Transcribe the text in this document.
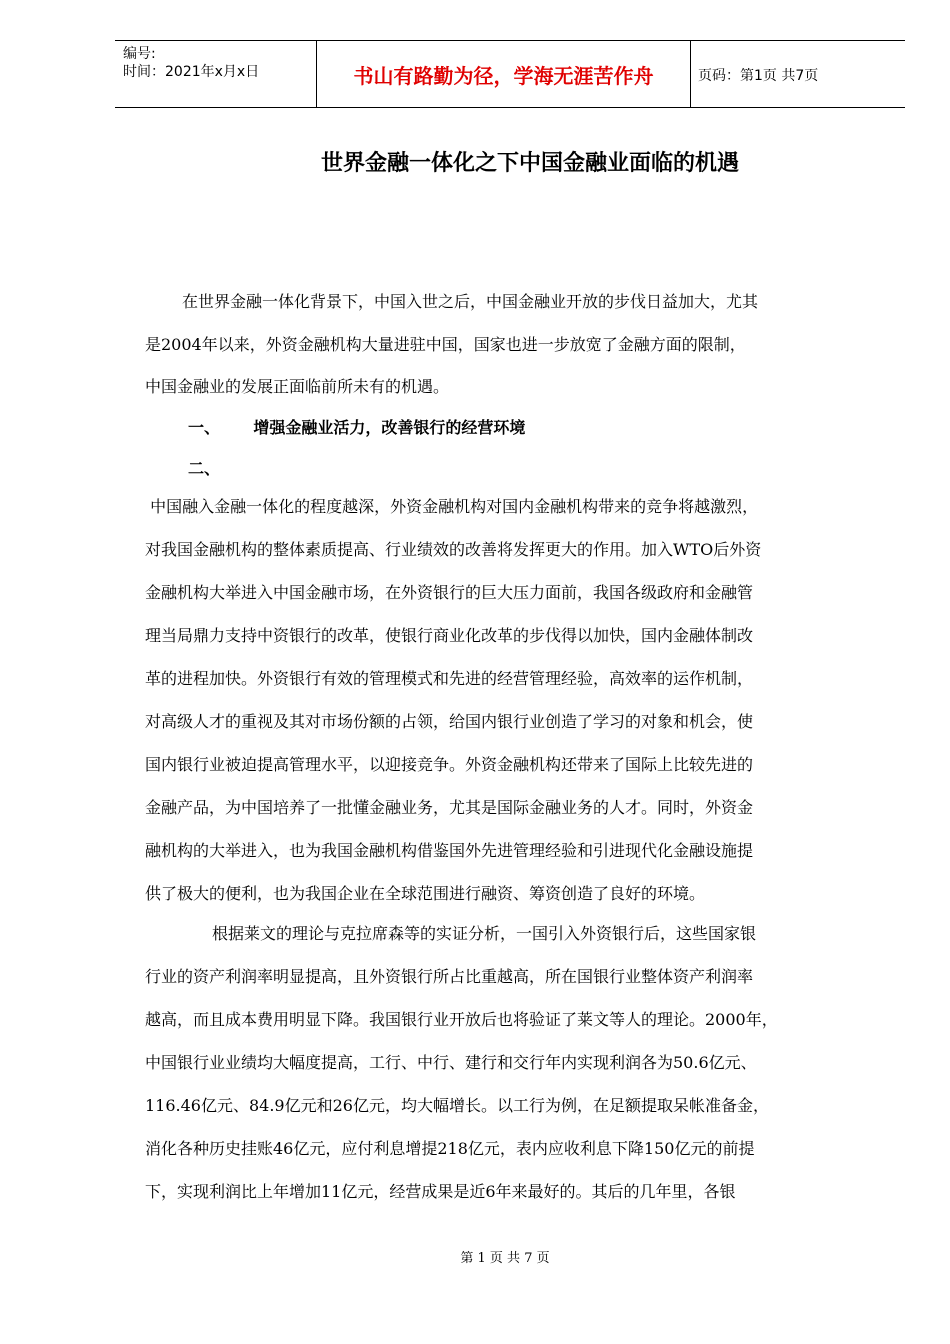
编号:
时间：2021年x月x日	书山有路勤为径，学海无涯苦作舟	页码：第1页 共7页
世界金融一体化之下中国金融业面临的机遇
在世界金融一体化背景下，中国入世之后，中国金融业开放的步伐日益加大，尤其
是2004年以来，外资金融机构大量进驻中国，国家也进一步放宽了金融方面的限制，
中国金融业的发展正面临前所未有的机遇。
一、      增强金融业活力，改善银行的经营环境
二、
中国融入金融一体化的程度越深，外资金融机构对国内金融机构带来的竞争将越激烈，
对我国金融机构的整体素质提高、行业绩效的改善将发挥更大的作用。加入WTO后外资
金融机构大举进入中国金融市场，在外资银行的巨大压力面前，我国各级政府和金融管
理当局鼎力支持中资银行的改革，使银行商业化改革的步伐得以加快，国内金融体制改
革的进程加快。外资银行有效的管理模式和先进的经营管理经验，高效率的运作机制，
对高级人才的重视及其对市场份额的占领，给国内银行业创造了学习的对象和机会，使
国内银行业被迫提高管理水平，以迎接竞争。外资金融机构还带来了国际上比较先进的
金融产品，为中国培养了一批懂金融业务，尤其是国际金融业务的人才。同时，外资金
融机构的大举进入，也为我国金融机构借鉴国外先进管理经验和引进现代化金融设施提
供了极大的便利，也为我国企业在全球范围进行融资、筹资创造了良好的环境。
根据莱文的理论与克拉席森等的实证分析，一国引入外资银行后，这些国家银
行业的资产利润率明显提高，且外资银行所占比重越高，所在国银行业整体资产利润率
越高，而且成本费用明显下降。我国银行业开放后也将验证了莱文等人的理论。2000年，
中国银行业业绩均大幅度提高，工行、中行、建行和交行年内实现利润各为50.6亿元、
116.46亿元、84.9亿元和26亿元，均大幅增长。以工行为例，在足额提取呆帐准备金，
消化各种历史挂账46亿元，应付利息增提218亿元，表内应收利息下降150亿元的前提
下，实现利润比上年增加11亿元，经营成果是近6年来最好的。其后的几年里，各银
第 1 页 共 7 页
